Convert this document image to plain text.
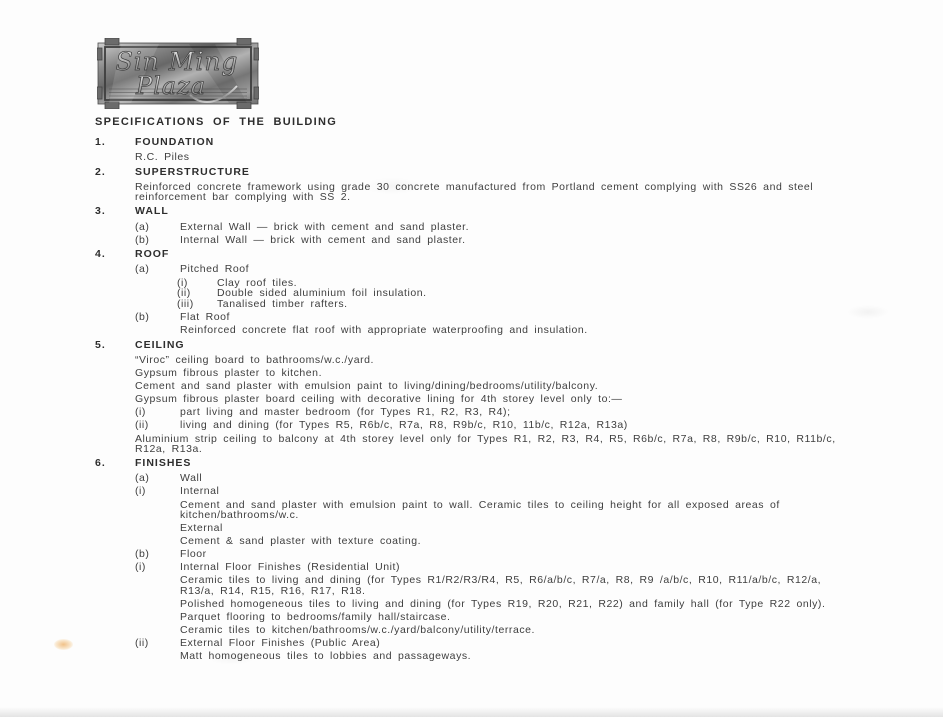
Sin Ming
Plaza
SPECIFICATIONS OF THE BUILDING
1.	FOUNDATION
R.C. Piles
2.	SUPERSTRUCTURE
Reinforced concrete framework using grade 30 concrete manufactured from Portland cement complying with SS26 and steel reinforcement bar complying with SS 2.
3.	WALL
(a)	External Wall — brick with cement and sand plaster.
(b)	Internal Wall — brick with cement and sand plaster.
4.	ROOF
(a)	Pitched Roof
(i)	Clay roof tiles.
(ii)	Double sided aluminium foil insulation.
(iii)	Tanalised timber rafters.
(b)	Flat Roof
Reinforced concrete flat roof with appropriate waterproofing and insulation.
5.	CEILING
“Viroc” ceiling board to bathrooms/w.c./yard.
Gypsum fibrous plaster to kitchen.
Cement and sand plaster with emulsion paint to living/dining/bedrooms/utility/balcony.
Gypsum fibrous plaster board ceiling with decorative lining for 4th storey level only to:—
(i)	part living and master bedroom (for Types R1, R2, R3, R4);
(ii)	living and dining (for Types R5, R6b/c, R7a, R8, R9b/c, R10, 11b/c, R12a, R13a)
Aluminium strip ceiling to balcony at 4th storey level only for Types R1, R2, R3, R4, R5, R6b/c, R7a, R8, R9b/c, R10, R11b/c, R12a, R13a.
6.	FINISHES
(a)	Wall
(i)	Internal
Cement and sand plaster with emulsion paint to wall. Ceramic tiles to ceiling height for all exposed areas of kitchen/bathrooms/w.c.
External
Cement & sand plaster with texture coating.
(b)	Floor
(i)	Internal Floor Finishes (Residential Unit)
Ceramic tiles to living and dining (for Types R1/R2/R3/R4, R5, R6/a/b/c, R7/a, R8, R9 /a/b/c, R10, R11/a/b/c, R12/a, R13/a, R14, R15, R16, R17, R18.
Polished homogeneous tiles to living and dining (for Types R19, R20, R21, R22) and family hall (for Type R22 only).
Parquet flooring to bedrooms/family hall/staircase.
Ceramic tiles to kitchen/bathrooms/w.c./yard/balcony/utility/terrace.
(ii)	External Floor Finishes (Public Area)
Matt homogeneous tiles to lobbies and passageways.
